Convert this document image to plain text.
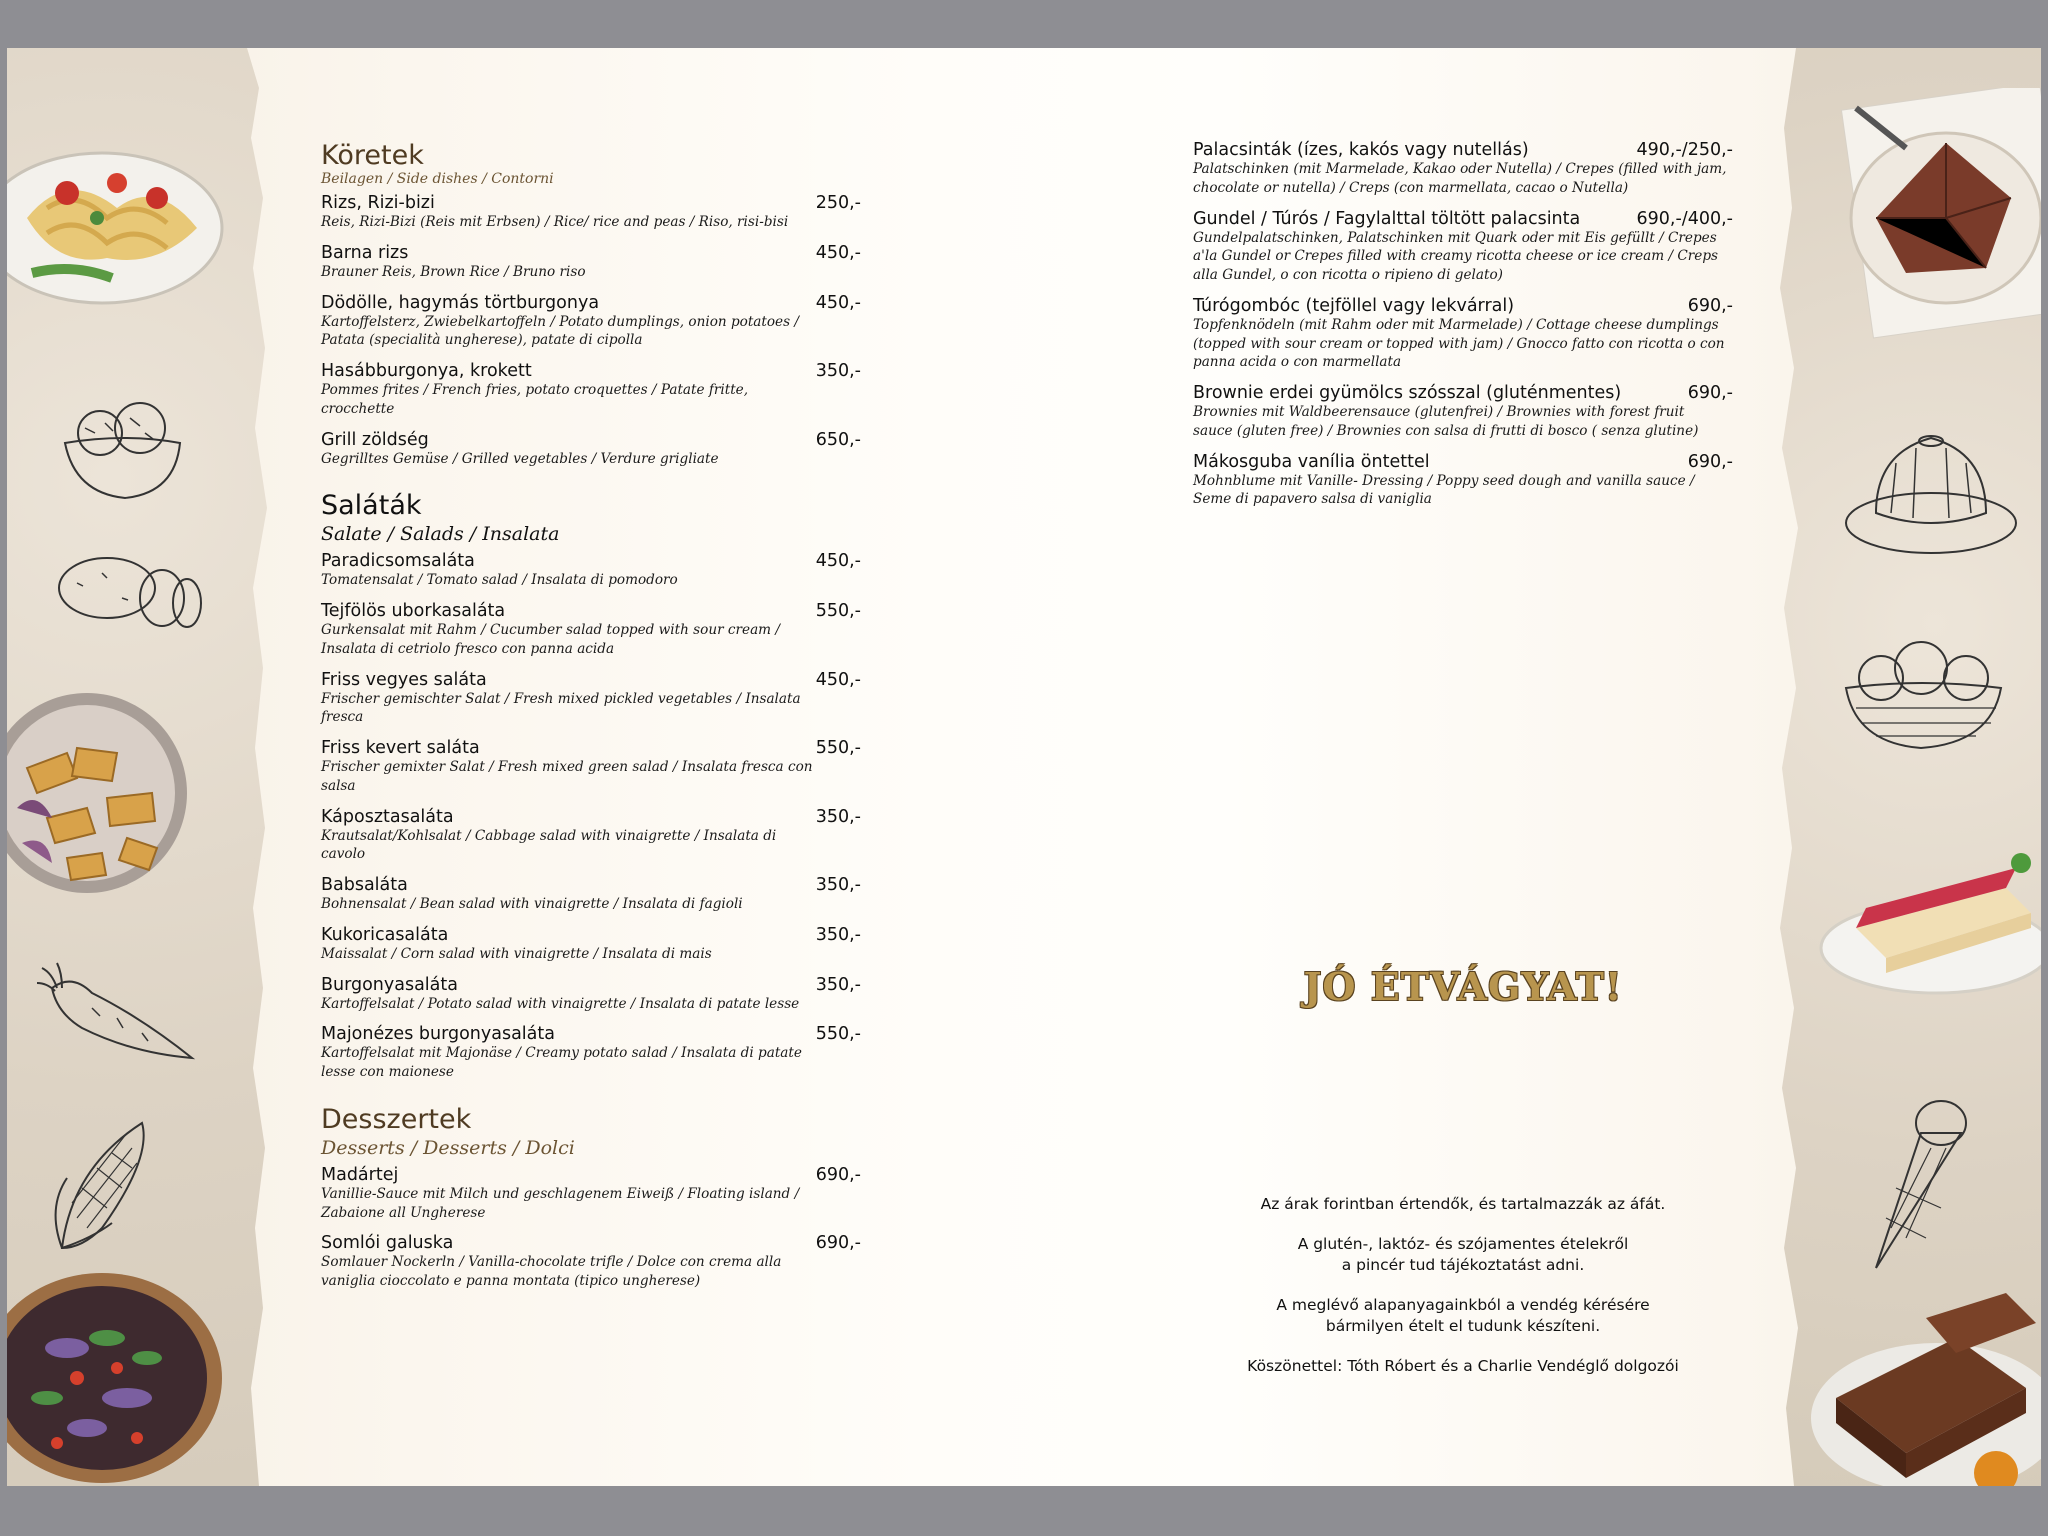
Köretek
Beilagen / Side dishes / Contorni
Rizs, Rizi-bizi	250,-
Reis, Rizi-Bizi (Reis mit Erbsen) / Rice/ rice and peas / Riso, risi-bisi
Barna rizs	450,-
Brauner Reis, Brown Rice / Bruno riso
Dödölle, hagymás törtburgonya	450,-
Kartoffelsterz, Zwiebelkartoffeln / Potato dumplings, onion potatoes / Patata (specialità ungherese), patate di cipolla
Hasábburgonya, krokett	350,-
Pommes frites / French fries, potato croquettes / Patate fritte, crocchette
Grill zöldség	650,-
Gegrilltes Gemüse / Grilled vegetables / Verdure grigliate
Saláták
Salate / Salads / Insalata
Paradicsomsaláta	450,-
Tomatensalat / Tomato salad / Insalata di pomodoro
Tejfölös uborkasaláta	550,-
Gurkensalat mit Rahm / Cucumber salad topped with sour cream / Insalata di cetriolo fresco con panna acida
Friss vegyes saláta	450,-
Frischer gemischter Salat / Fresh mixed pickled vegetables / Insalata fresca
Friss kevert saláta	550,-
Frischer gemixter Salat / Fresh mixed green salad / Insalata fresca con salsa
Káposztasaláta	350,-
Krautsalat/Kohlsalat / Cabbage salad with vinaigrette / Insalata di cavolo
Babsaláta	350,-
Bohnensalat / Bean salad with vinaigrette / Insalata di fagioli
Kukoricasaláta	350,-
Maissalat / Corn salad with vinaigrette / Insalata di mais
Burgonyasaláta	350,-
Kartoffelsalat / Potato salad with vinaigrette / Insalata di patate lesse
Majonézes burgonyasaláta	550,-
Kartoffelsalat mit Majonäse / Creamy potato salad / Insalata di patate lesse con maionese
Desszertek
Desserts / Desserts / Dolci
Madártej	690,-
Vanillie-Sauce mit Milch und geschlagenem Eiweiß / Floating island / Zabaione all Ungherese
Somlói galuska	690,-
Somlauer Nockerln / Vanilla-chocolate trifle / Dolce con crema alla vaniglia cioccolato e panna montata (tipico ungherese)
Palacsinták (ízes, kakós vagy nutellás)	490,-/250,-
Palatschinken (mit Marmelade, Kakao oder Nutella) / Crepes (filled with jam, chocolate or nutella) / Creps (con marmellata, cacao o Nutella)
Gundel / Túrós / Fagylalttal töltött palacsinta	690,-/400,-
Gundelpalatschinken, Palatschinken mit Quark oder mit Eis gefüllt / Crepes a'la Gundel or Crepes filled with creamy ricotta cheese or ice cream / Creps alla Gundel, o con ricotta o ripieno di gelato)
Túrógombóc (tejföllel vagy lekvárral)	690,-
Topfenknödeln (mit Rahm oder mit Marmelade) / Cottage cheese dumplings (topped with sour cream or topped with jam) / Gnocco fatto con ricotta o con panna acida o con marmellata
Brownie erdei gyümölcs szósszal (gluténmentes)	690,-
Brownies mit Waldbeerensauce (glutenfrei) / Brownies with forest fruit sauce (gluten free) / Brownies con salsa di frutti di bosco ( senza glutine)
Mákosguba vanília öntettel	690,-
Mohnblume mit Vanille- Dressing / Poppy seed dough and vanilla sauce / Seme di papavero salsa di vaniglia
JÓ ÉTVÁGYAT!

Az árak forintban értendők, és tartalmazzák az áfát.

A glutén-, laktóz- és szójamentes ételekről
a pincér tud tájékoztatást adni.

A meglévő alapanyagainkból a vendég kérésére
bármilyen ételt el tudunk készíteni.

Köszönettel: Tóth Róbert és a Charlie Vendéglő dolgozói
